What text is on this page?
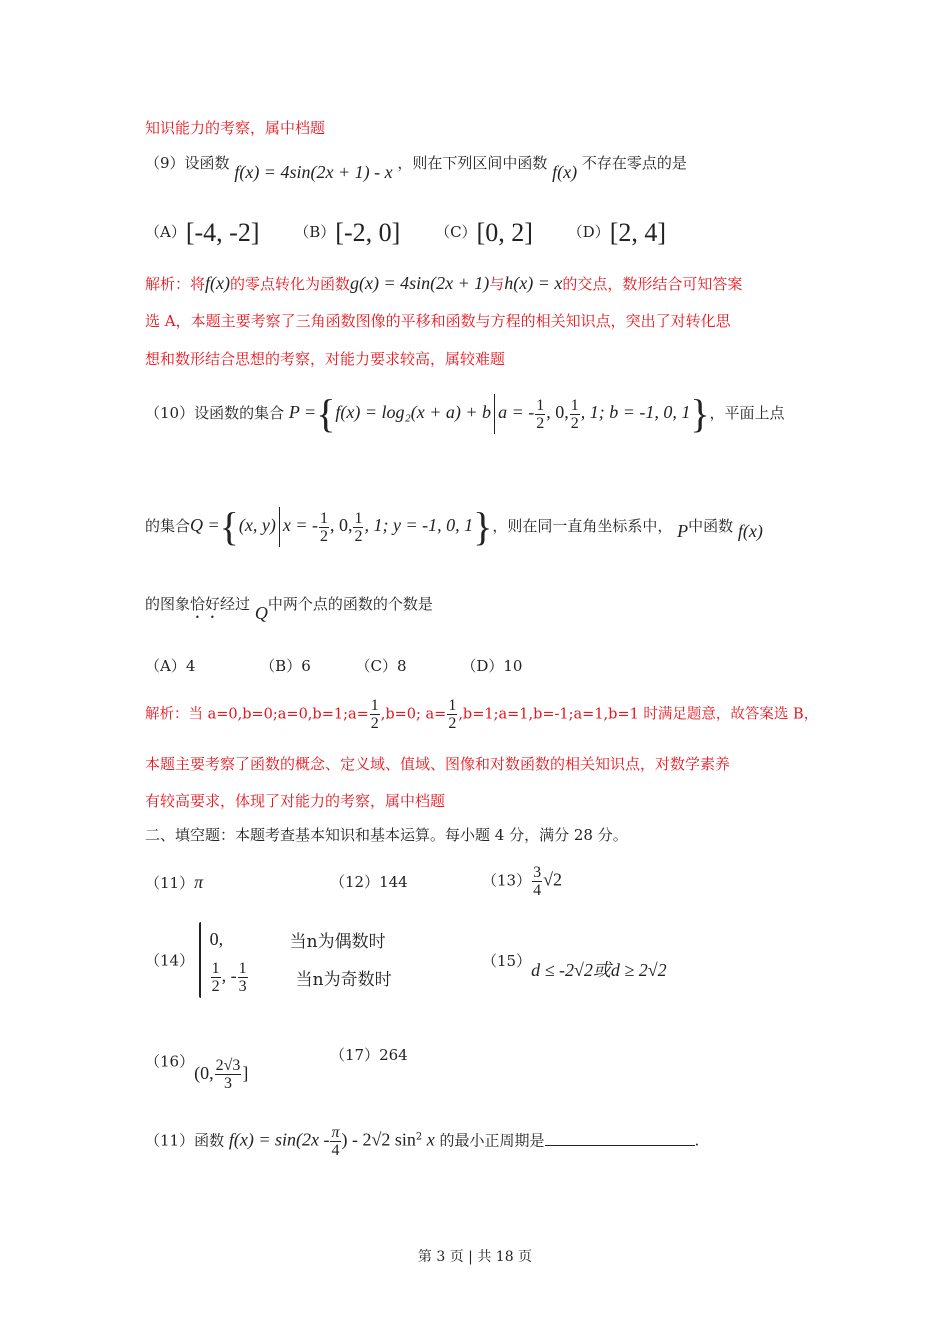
知识能力的考察，属中档题
（9）设函数 f(x) = 4sin(2x + 1) - x ，则在下列区间中函数 f(x) 不存在零点的是
（A）[-4, -2] （B）[-2, 0] （C）[0, 2] （D）[2, 4]
解析：将f(x)的零点转化为函数g(x) = 4sin(2x + 1)与h(x) = x的交点，数形结合可知答案
选 A，本题主要考察了三角函数图像的平移和函数与方程的相关知识点，突出了对转化思
想和数形结合思想的考察，对能力要求较高，属较难题
（10）设函数的集合 P ={f(x) = log₂(x + a) + b a = - $\frac{1}{2}$ , 0, $\frac{1}{2}$ , 1; b = -1, 0, 1}，平面上点
的集合Q ={(x, y) x = - $\frac{1}{2}$ , 0, $\frac{1}{2}$ , 1; y = -1, 0, 1}，则在同一直角坐标系中， P中函数 f(x)
的图象恰好经过 Q中两个点的函数的个数是
（A）4	（B）6	（C）8	（D）10
解析：当 a=0,b=0;a=0,b=1;a= $\frac{1}{2} ,b=0$; $a= \frac{1}{2}$ ,b=1;a=1,b=-1;a=1,b=1 时满足题意，故答案选 B，
本题主要考察了函数的概念、定义域、值域、图像和对数函数的相关知识点，对数学素养
有较高要求，体现了对能力的考察，属中档题
二、填空题：本题考查基本知识和基本运算。每小题 4 分，满分 28 分。
（11）π	（12）144	$(13) \frac{3}{4} √2$
（14）
0,	当n为偶数时
$\frac{1}{2}$ , - $\frac{1}{3}$	当n为奇数时
（15）d ≤ -2√2或d ≥ 2√2
（16）(0, $\frac{2√3}{3}$ ]
（17）264
（11）函数 $f(x) = \sin(2x - \frac{\pi}{4}$ ) - 2√2 $\sin^2 x$ 的最小正周期是	.
第 3 页 | 共 18 页
